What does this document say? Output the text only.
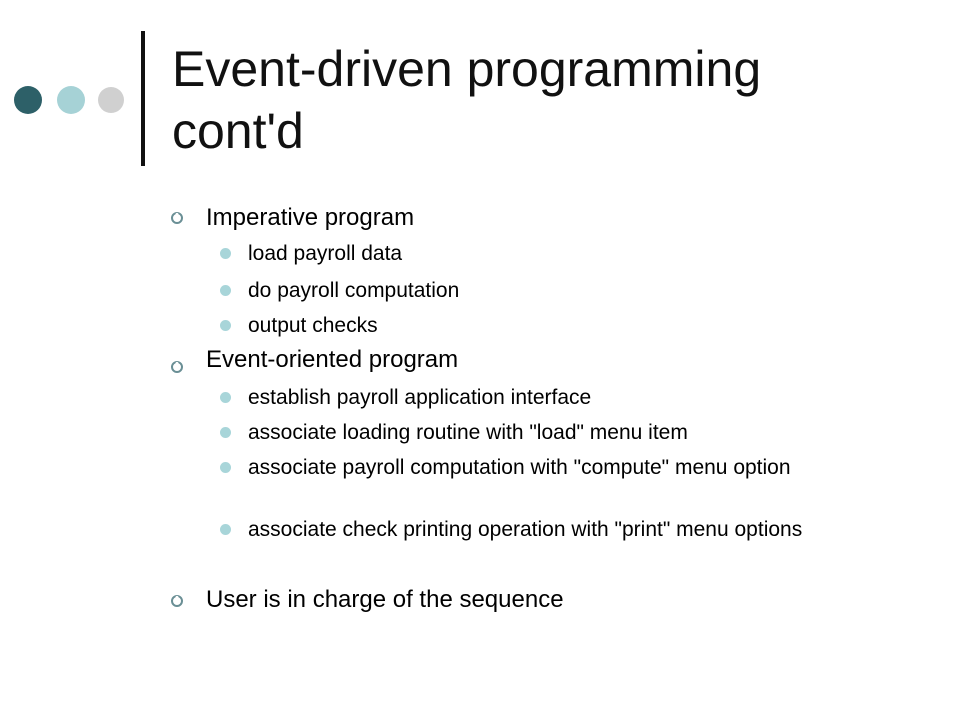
Event-driven programming
cont'd
Imperative program
load payroll data
do payroll computation
output checks
Event-oriented program
establish payroll application interface
associate loading routine with "load" menu item
associate payroll computation with "compute" menu option
associate check printing operation with "print" menu options
User is in charge of the sequence
